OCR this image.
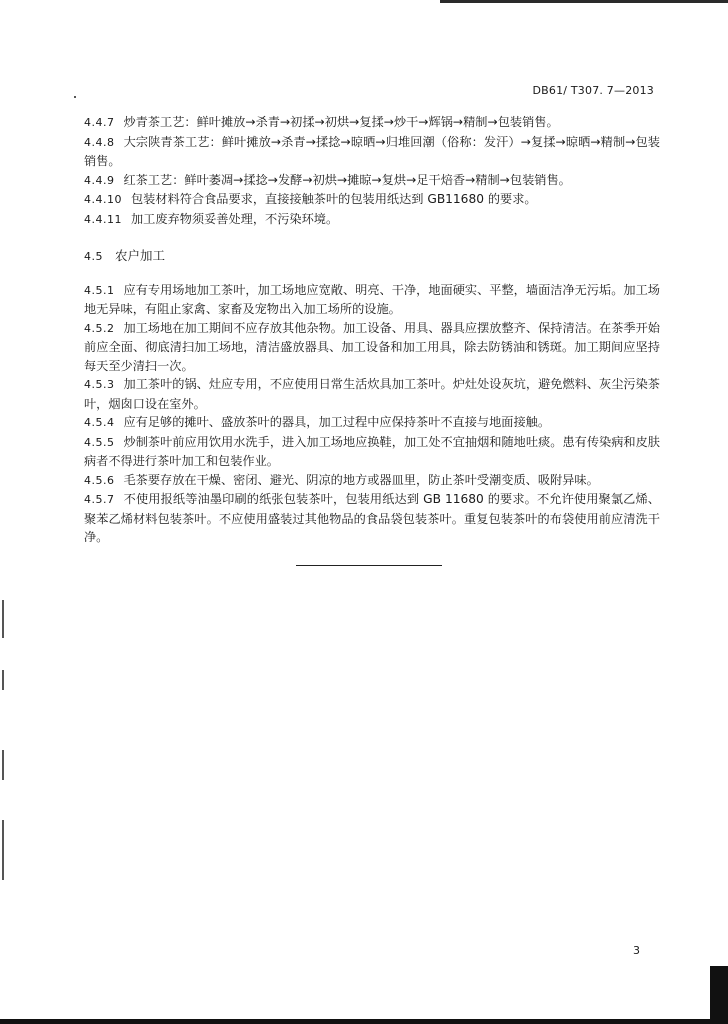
DB61/ T307. 7—2013

4.4.7 炒青茶工艺：鲜叶摊放→杀青→初揉→初烘→复揉→炒干→辉锅→精制→包装销售。

4.4.8 大宗陕青茶工艺：鲜叶摊放→杀青→揉捻→晾晒→归堆回潮（俗称：发汗）→复揉→晾晒→精制→包装销售。

4.4.9 红茶工艺：鲜叶萎凋→揉捻→发酵→初烘→摊晾→复烘→足干焙香→精制→包装销售。

4.4.10 包装材料符合食品要求，直接接触茶叶的包装用纸达到 GB11680 的要求。

4.4.11 加工废弃物须妥善处理，不污染环境。

4.5 农户加工

4.5.1 应有专用场地加工茶叶，加工场地应宽敞、明亮、干净，地面硬实、平整，墙面洁净无污垢。加工场地无异味，有阻止家禽、家畜及宠物出入加工场所的设施。

4.5.2 加工场地在加工期间不应存放其他杂物。加工设备、用具、器具应摆放整齐、保持清洁。在茶季开始前应全面、彻底清扫加工场地，清洁盛放器具、加工设备和加工用具，除去防锈油和锈斑。加工期间应坚持每天至少清扫一次。

4.5.3 加工茶叶的锅、灶应专用，不应使用日常生活炊具加工茶叶。炉灶处设灰坑，避免燃料、灰尘污染茶叶，烟囱口设在室外。

4.5.4 应有足够的摊叶、盛放茶叶的器具，加工过程中应保持茶叶不直接与地面接触。

4.5.5 炒制茶叶前应用饮用水洗手，进入加工场地应换鞋，加工处不宜抽烟和随地吐痰。患有传染病和皮肤病者不得进行茶叶加工和包装作业。

4.5.6 毛茶要存放在干燥、密闭、避光、阴凉的地方或器皿里，防止茶叶受潮变质、吸附异味。

4.5.7 不使用报纸等油墨印刷的纸张包装茶叶，包装用纸达到 GB 11680 的要求。不允许使用聚氯乙烯、聚苯乙烯材料包装茶叶。不应使用盛装过其他物品的食品袋包装茶叶。重复包装茶叶的布袋使用前应清洗干净。

3
